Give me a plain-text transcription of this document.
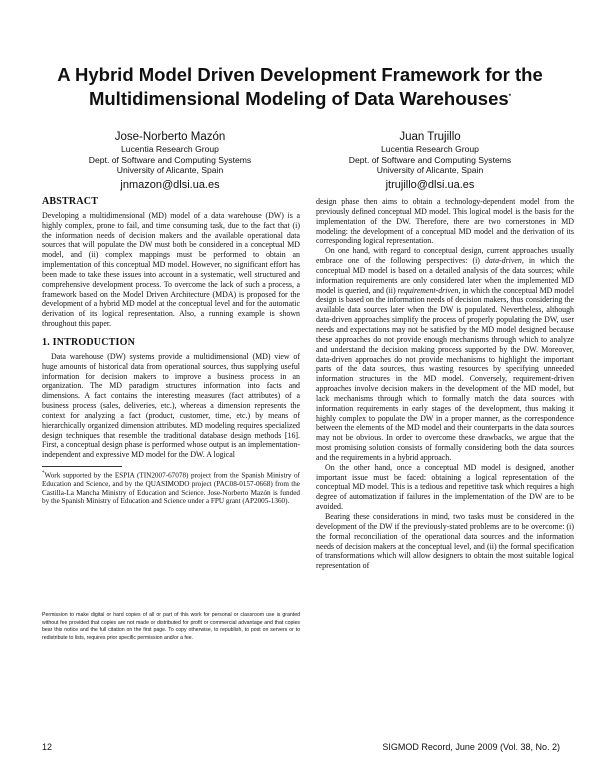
A Hybrid Model Driven Development Framework for the
Multidimensional Modeling of Data Warehouses*
Jose-Norberto Mazón
Lucentia Research Group
Dept. of Software and Computing Systems
University of Alicante, Spain
jnmazon@dlsi.ua.es
Juan Trujillo
Lucentia Research Group
Dept. of Software and Computing Systems
University of Alicante, Spain
jtrujillo@dlsi.ua.es
ABSTRACT

Developing a multidimensional (MD) model of a data warehouse (DW) is a highly complex, prone to fail, and time consuming task, due to the fact that (i) the information needs of decision makers and the available operational data sources that will populate the DW must both be considered in a conceptual MD model, and (ii) complex mappings must be performed to obtain an implementation of this conceptual MD model. However, no significant effort has been made to take these issues into account in a systematic, well structured and comprehensive development process. To overcome the lack of such a process, a framework based on the Model Driven Architecture (MDA) is proposed for the development of a hybrid MD model at the conceptual level and for the automatic derivation of its logical representation. Also, a running example is shown throughout this paper.

1. INTRODUCTION

Data warehouse (DW) systems provide a multidimensional (MD) view of huge amounts of historical data from operational sources, thus supplying useful information for decision makers to improve a business process in an organization. The MD paradigm structures information into facts and dimensions. A fact contains the interesting measures (fact attributes) of a business process (sales, deliveries, etc.), whereas a dimension represents the context for analyzing a fact (product, customer, time, etc.) by means of hierarchically organized dimension attributes. MD modeling requires specialized design techniques that resemble the traditional database design methods [16]. First, a conceptual design phase is performed whose output is an implementation-independent and expressive MD model for the DW. A logical

*Work supported by the ESPIA (TIN2007-67078) project from the Spanish Ministry of Education and Science, and by the QUASIMODO project (PAC08-0157-0668) from the Castilla-La Mancha Ministry of Education and Science. Jose-Norberto Mazón is funded by the Spanish Ministry of Education and Science under a FPU grant (AP2005-1360).

Permission to make digital or hard copies of all or part of this work for personal or classroom use is granted without fee provided that copies are not made or distributed for profit or commercial advantage and that copies bear this notice and the full citation on the first page. To copy otherwise, to republish, to post on servers or to redistribute to lists, requires prior specific permission and/or a fee.

design phase then aims to obtain a technology-dependent model from the previously defined conceptual MD model. This logical model is the basis for the implementation of the DW. Therefore, there are two cornerstones in MD modeling: the development of a conceptual MD model and the derivation of its corresponding logical representation.

On one hand, with regard to conceptual design, current approaches usually embrace one of the following perspectives: (i) data-driven, in which the conceptual MD model is based on a detailed analysis of the data sources; while information requirements are only considered later when the implemented MD model is queried, and (ii) requirement-driven, in which the conceptual MD model design is based on the information needs of decision makers, thus considering the available data sources later when the DW is populated. Nevertheless, although data-driven approaches simplify the process of properly populating the DW, user needs and expectations may not be satisfied by the MD model designed because these approaches do not provide enough mechanisms through which to analyze and understand the decision making process supported by the DW. Moreover, data-driven approaches do not provide mechanisms to highlight the important parts of the data sources, thus wasting resources by specifying unneeded information structures in the MD model. Conversely, requirement-driven approaches involve decision makers in the development of the MD model, but lack mechanisms through which to formally match the data sources with information requirements in early stages of the development, thus making it highly complex to populate the DW in a proper manner, as the correspondence between the elements of the MD model and their counterparts in the data sources may not be obvious. In order to overcome these drawbacks, we argue that the most promising solution consists of formally considering both the data sources and the requirements in a hybrid approach.

On the other hand, once a conceptual MD model is designed, another important issue must be faced: obtaining a logical representation of the conceptual MD model. This is a tedious and repetitive task which requires a high degree of automatization if failures in the implementation of the DW are to be avoided.

Bearing these considerations in mind, two tasks must be considered in the development of the DW if the previously-stated problems are to be overcome: (i) the formal reconciliation of the operational data sources and the information needs of decision makers at the conceptual level, and (ii) the formal specification of transformations which will allow designers to obtain the most suitable logical representation of

12	SIGMOD Record, June 2009 (Vol. 38, No. 2)
